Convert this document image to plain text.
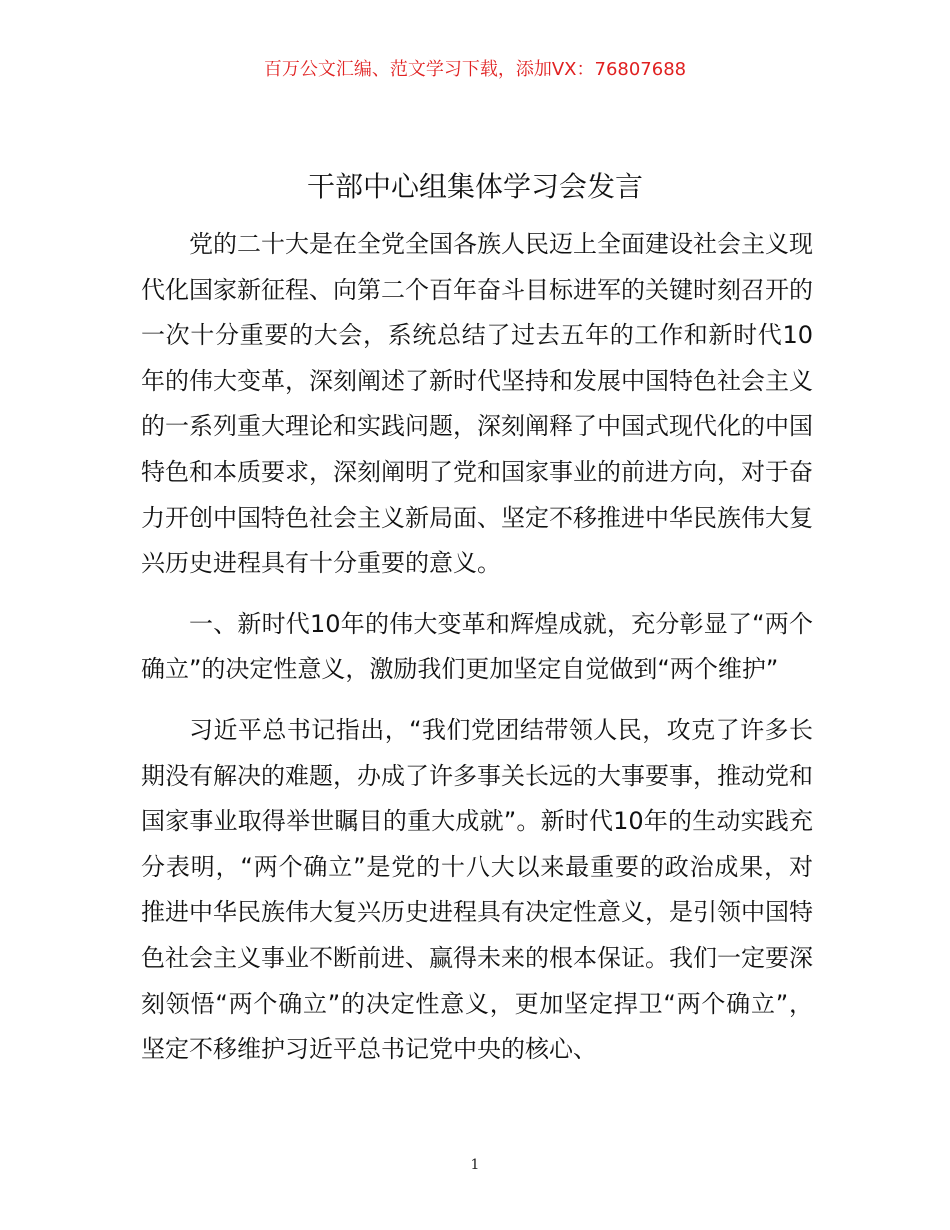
百万公文汇编、范文学习下载，添加VX：76807688
干部中心组集体学习会发言

党的二十大是在全党全国各族人民迈上全面建设社会主义现代化国家新征程、向第二个百年奋斗目标进军的关键时刻召开的一次十分重要的大会，系统总结了过去五年的工作和新时代10年的伟大变革，深刻阐述了新时代坚持和发展中国特色社会主义的一系列重大理论和实践问题，深刻阐释了中国式现代化的中国特色和本质要求，深刻阐明了党和国家事业的前进方向，对于奋力开创中国特色社会主义新局面、坚定不移推进中华民族伟大复兴历史进程具有十分重要的意义。

一、新时代10年的伟大变革和辉煌成就，充分彰显了“两个确立”的决定性意义，激励我们更加坚定自觉做到“两个维护”

习近平总书记指出，“我们党团结带领人民，攻克了许多长期没有解决的难题，办成了许多事关长远的大事要事，推动党和国家事业取得举世瞩目的重大成就”。新时代10年的生动实践充分表明，“两个确立”是党的十八大以来最重要的政治成果，对推进中华民族伟大复兴历史进程具有决定性意义，是引领中国特色社会主义事业不断前进、赢得未来的根本保证。我们一定要深刻领悟“两个确立”的决定性意义，更加坚定捍卫“两个确立”，坚定不移维护习近平总书记党中央的核心、

1
